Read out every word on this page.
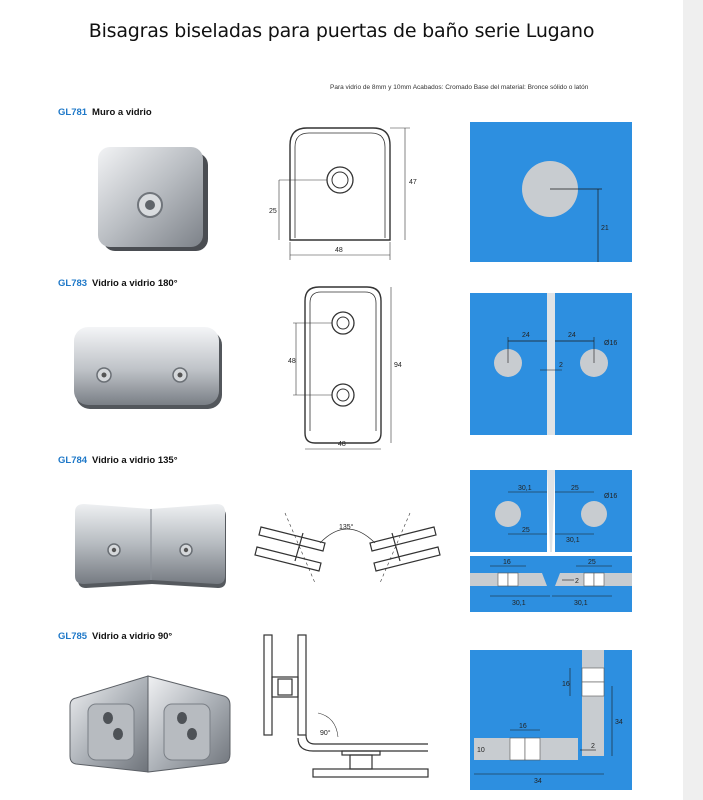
Bisagras biseladas para puertas de baño serie Lugano
Para vidrio de 8mm y 10mm Acabados: Cromado Base del material: Bronce sólido o latón
GL781 Muro a vidrio
GL783 Vidrio a vidrio 180°
GL784 Vidrio a vidrio 135°
GL785 Vidrio a vidrio 90°
25
47
48
21
48
94
48
24	24
Ø16
2
135°
30,1	25
Ø16
25
30,1
16	25
2
30,1	30,1
90°
16
34
16
10
2
34
